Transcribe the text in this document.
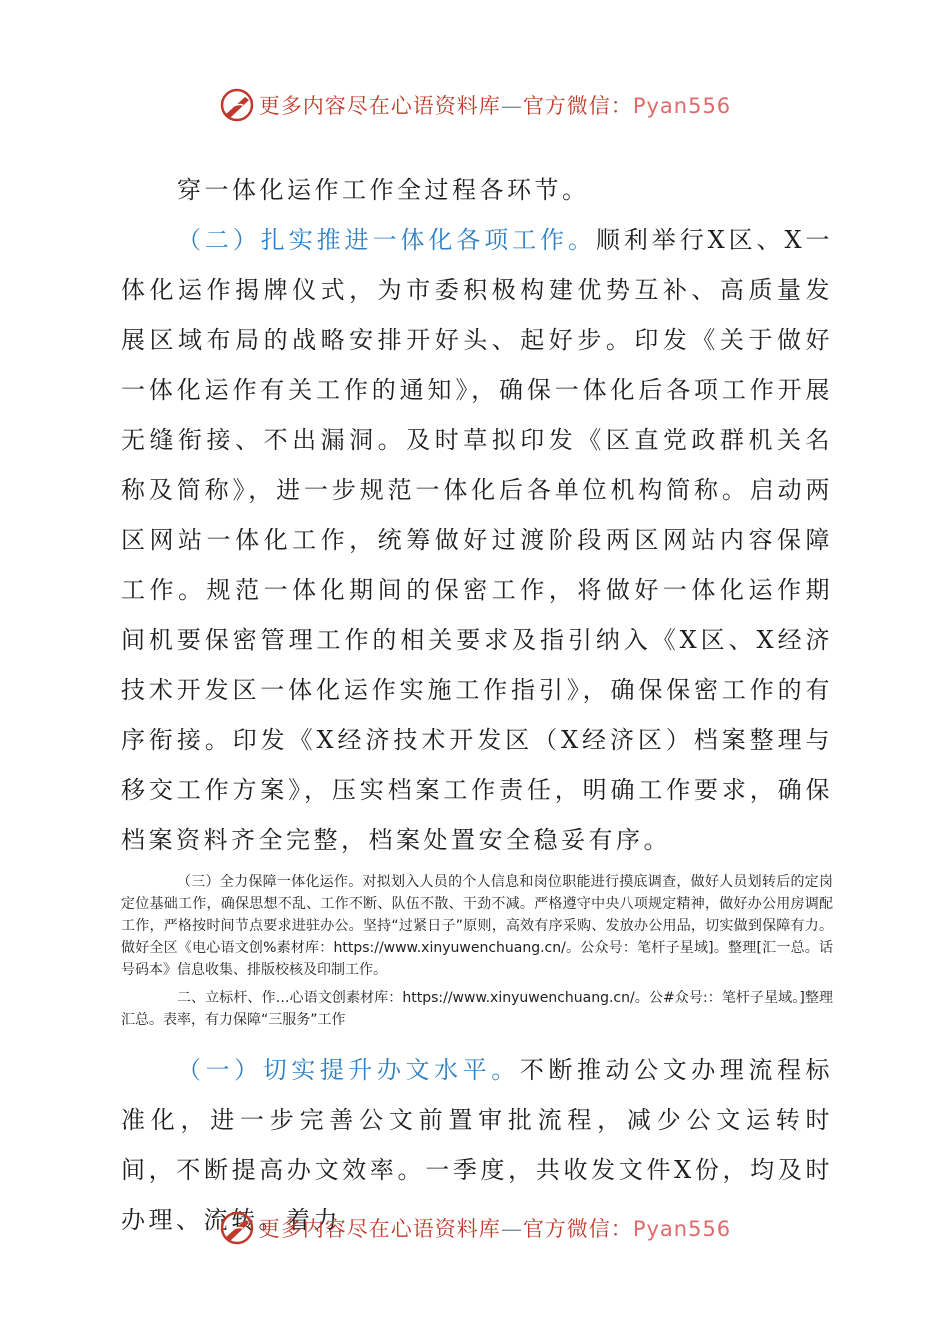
更多内容尽在心语资料库—官方微信：Pyan556

穿一体化运作工作全过程各环节。

（二）扎实推进一体化各项工作。顺利举行X区、X一体化运作揭牌仪式，为市委积极构建优势互补、高质量发展区域布局的战略安排开好头、起好步。印发《关于做好一体化运作有关工作的通知》，确保一体化后各项工作开展无缝衔接、不出漏洞。及时草拟印发《区直党政群机关名称及简称》，进一步规范一体化后各单位机构简称。启动两区网站一体化工作，统筹做好过渡阶段两区网站内容保障工作。规范一体化期间的保密工作，将做好一体化运作期间机要保密管理工作的相关要求及指引纳入《X区、X经济技术开发区一体化运作实施工作指引》，确保保密工作的有序衔接。印发《X经济技术开发区（X经济区）档案整理与移交工作方案》，压实档案工作责任，明确工作要求，确保档案资料齐全完整，档案处置安全稳妥有序。

（三）全力保障一体化运作。对拟划入人员的个人信息和岗位职能进行摸底调查，做好人员划转后的定岗定位基础工作，确保思想不乱、工作不断、队伍不散、干劲不减。严格遵守中央八项规定精神，做好办公用房调配工作，严格按时间节点要求进驻办公。坚持“过紧日子”原则，高效有序采购、发放办公用品，切实做到保障有力。做好全区《电心语文创%素材库：https://www.xinyuwenchuang.cn/。公众号：笔杆子星域]。整理[汇一总。话号码本》信息收集、排版校核及印制工作。

二、立标杆、作…心语文创素材库：https://www.xinyuwenchuang.cn/。公#众号:：笔杆子星域。]整理汇总。表率，有力保障“三服务”工作

（一）切实提升办文水平。不断推动公文办理流程标准化，进一步完善公文前置审批流程，减少公文运转时间，不断提高办文效率。一季度，共收发文件X份，均及时办理、流转。着力

更多内容尽在心语资料库—官方微信：Pyan556
